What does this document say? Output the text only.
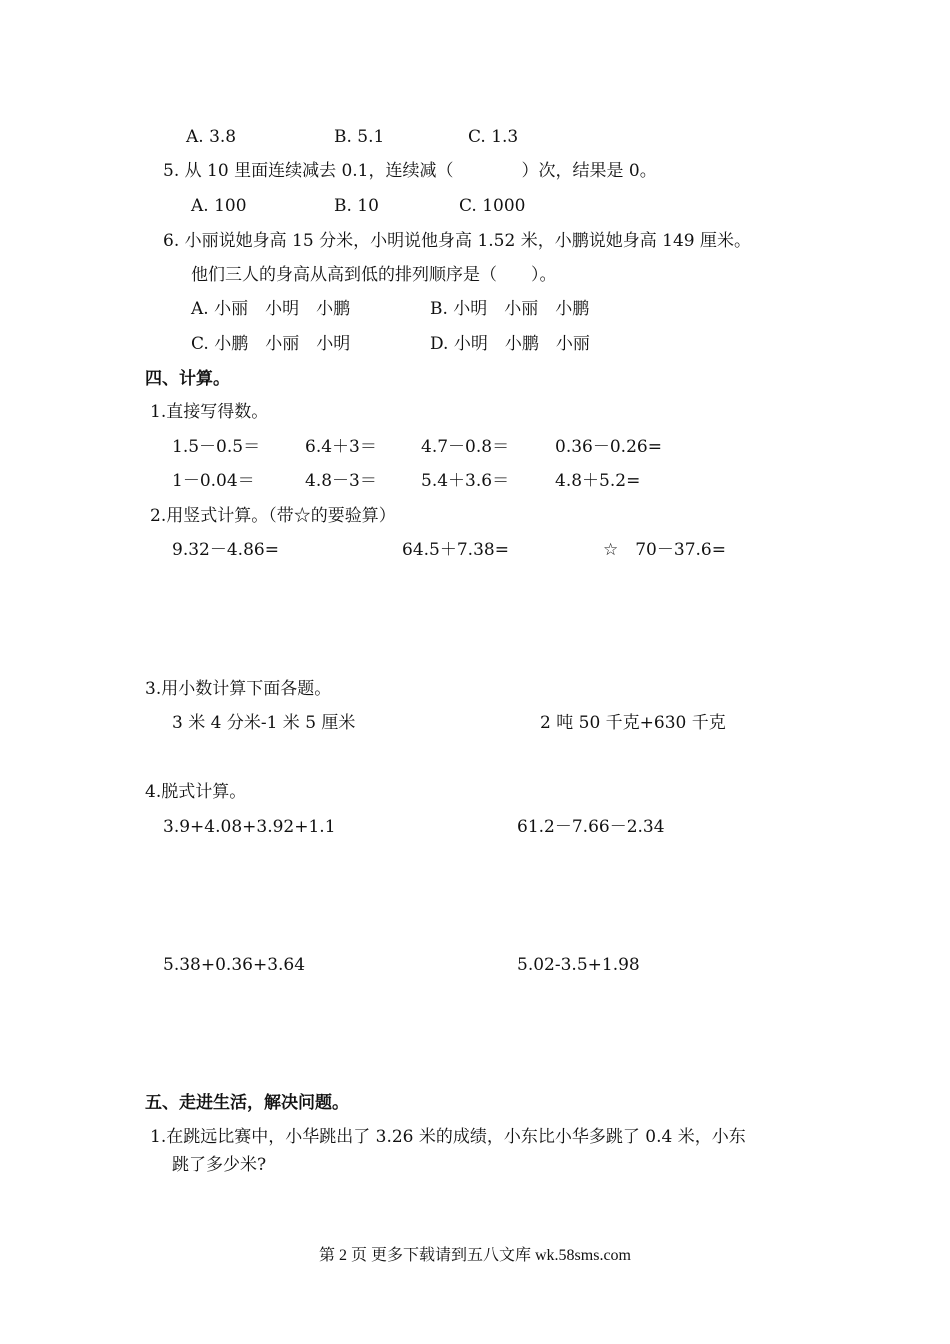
A. 3.8	B. 5.1	C. 1.3
5. 从 10 里面连续减去 0.1，连续减（　　　　）次，结果是 0。
A. 100	B. 10	C. 1000
6. 小丽说她身高 15 分米，小明说他身高 1.52 米，小鹏说她身高 149 厘米。
他们三人的身高从高到低的排列顺序是（　　）。
A. 小丽　小明　小鹏	B. 小明　小丽　小鹏
C. 小鹏　小丽　小明	D. 小明　小鹏　小丽
四、计算。
1.直接写得数。
1.5－0.5＝	6.4＋3＝	4.7－0.8＝	0.36－0.26=
1－0.04＝	4.8－3＝	5.4＋3.6＝	4.8＋5.2=
2.用竖式计算。（带☆的要验算）
9.32－4.86=	64.5＋7.38=	☆　70－37.6=
3.用小数计算下面各题。
3 米 4 分米-1 米 5 厘米	2 吨 50 千克+630 千克
4.脱式计算。
3.9+4.08+3.92+1.1	61.2－7.66－2.34
5.38+0.36+3.64	5.02-3.5+1.98
五、走进生活，解决问题。
1.在跳远比赛中，小华跳出了 3.26 米的成绩，小东比小华多跳了 0.4 米，小东
跳了多少米?
第 2 页 更多下载请到五八文库 wk.58sms.com
